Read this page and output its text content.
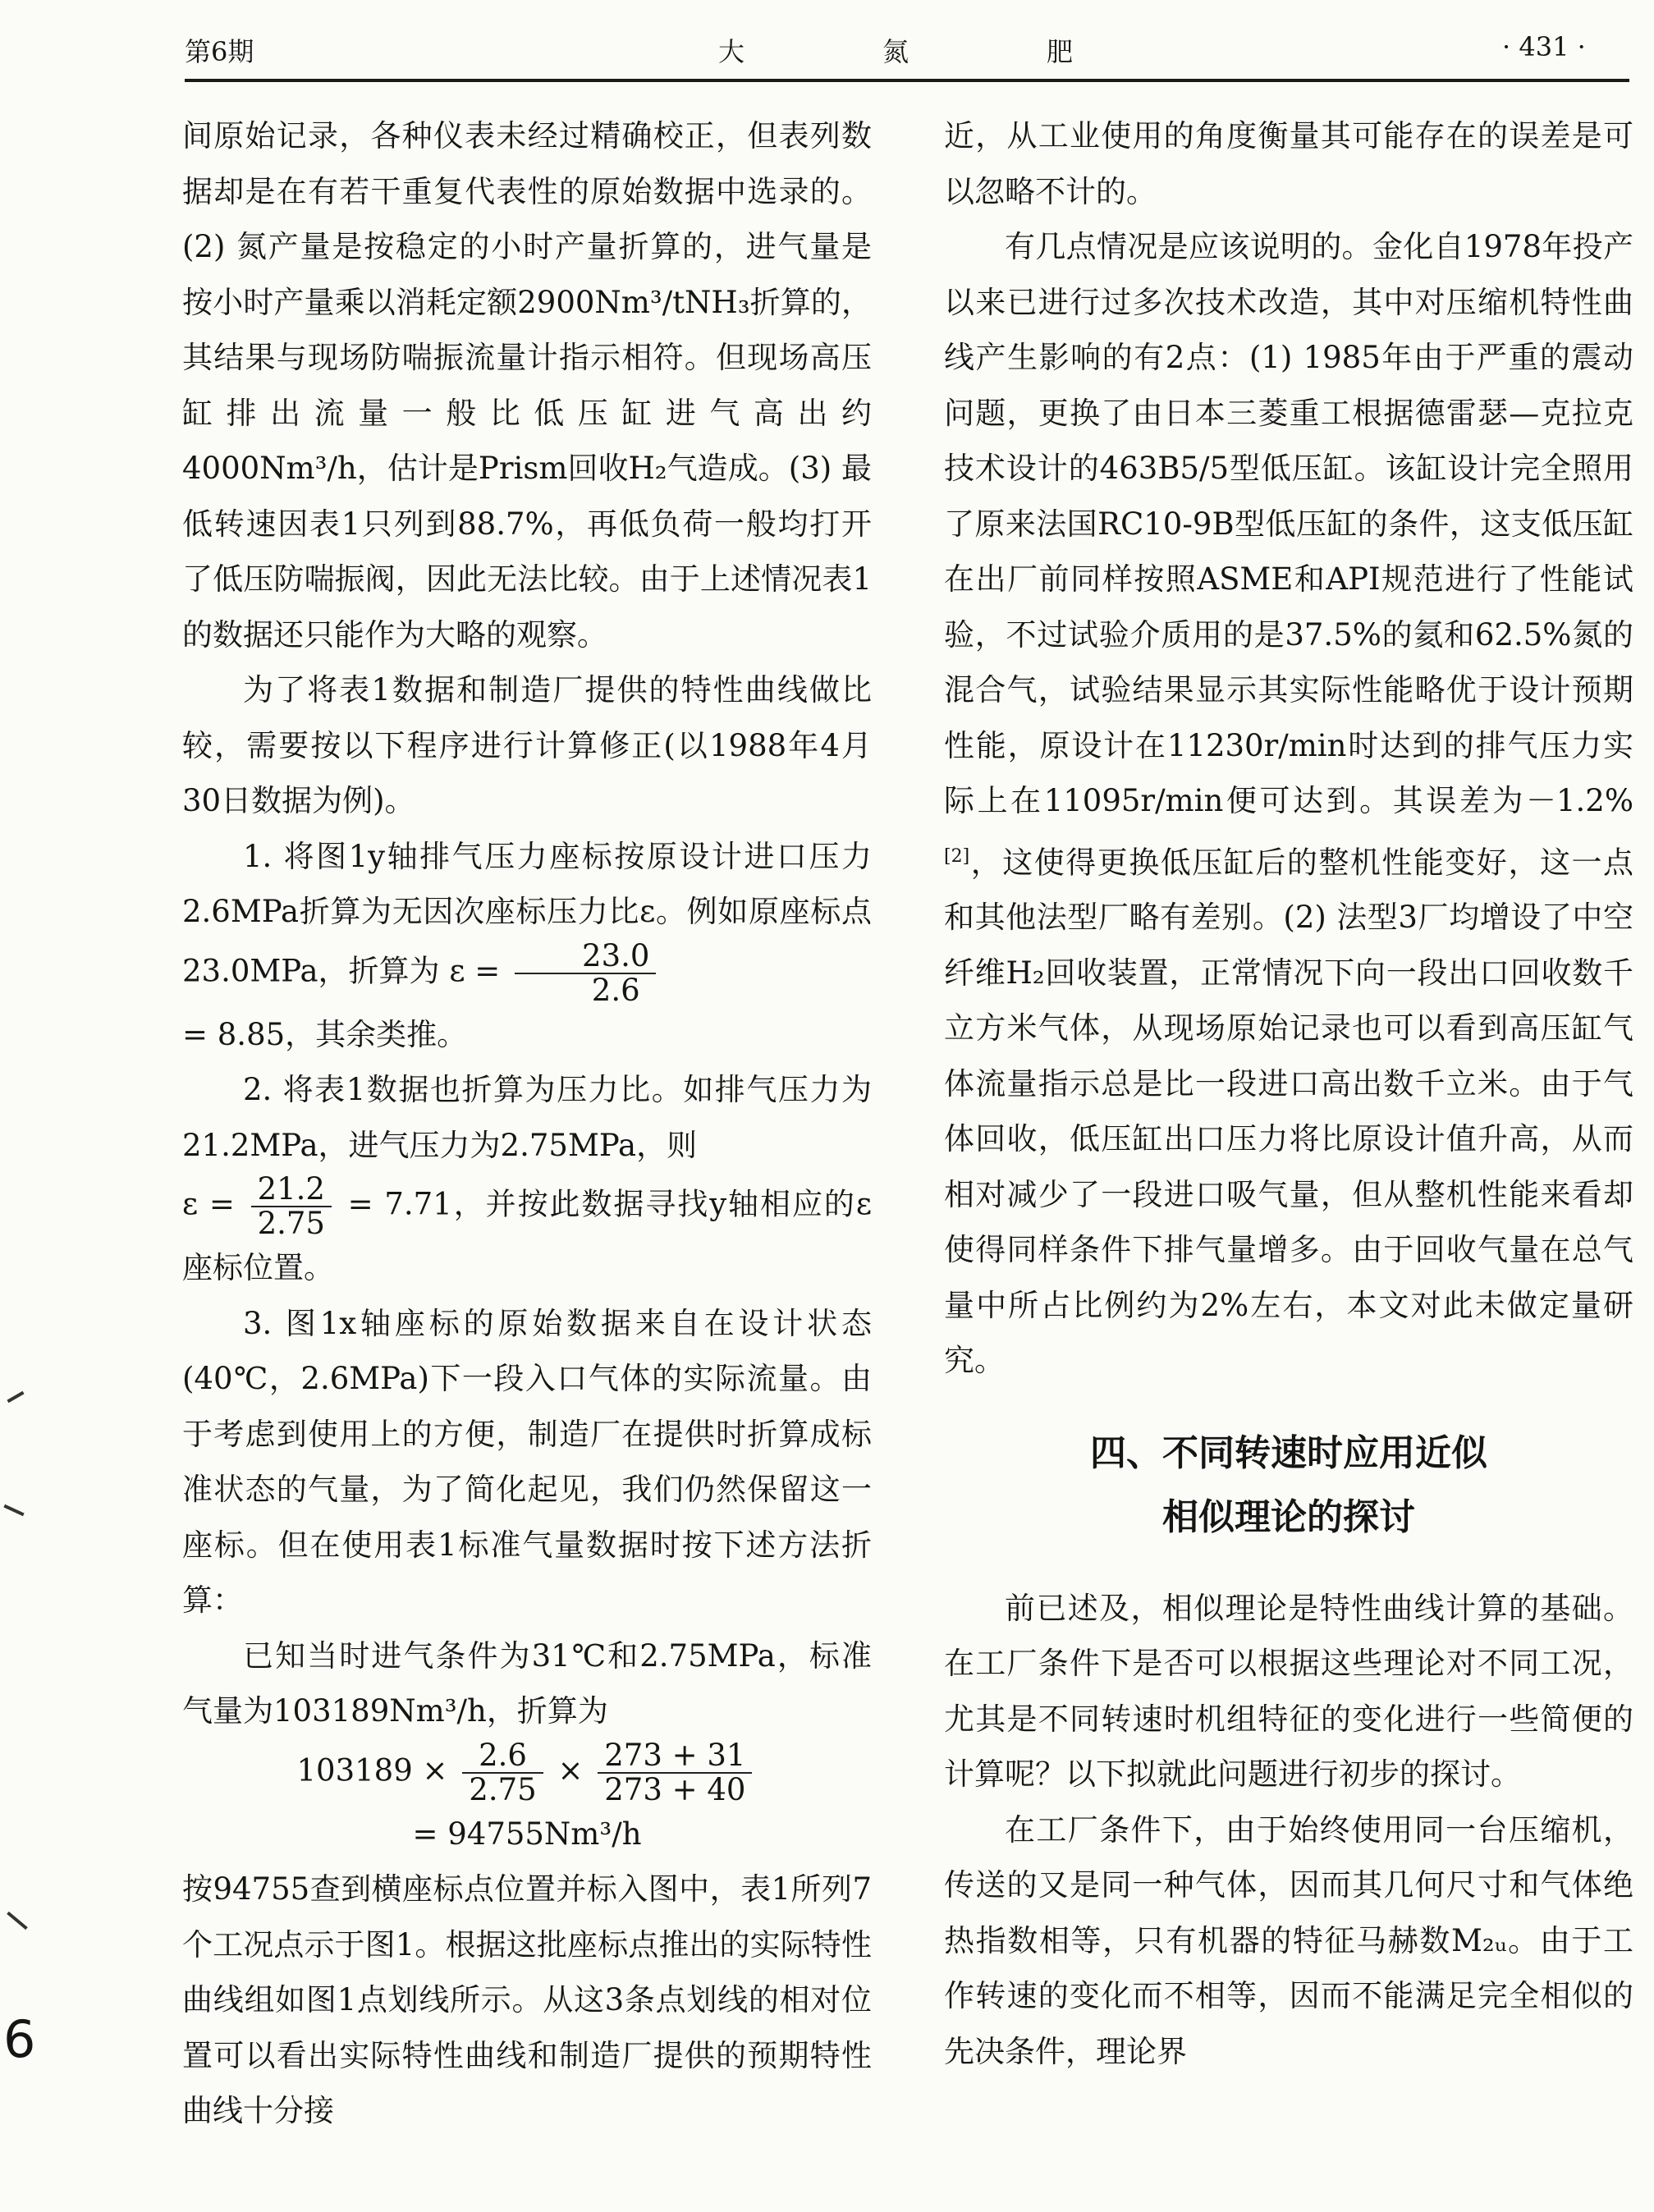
第6期	大	氮	肥	· 431 ·
6

间原始记录，各种仪表未经过精确校正，但表列数据却是在有若干重复代表性的原始数据中选录的。(2) 氮产量是按稳定的小时产量折算的，进气量是按小时产量乘以消耗定额2900Nm³/tNH₃折算的，其结果与现场防喘振流量计指示相符。但现场高压缸排出流量一般比低压缸进气高出约4000Nm³/h，估计是Prism回收H₂气造成。(3) 最低转速因表1只列到88.7%，再低负荷一般均打开了低压防喘振阀，因此无法比较。由于上述情况表1的数据还只能作为大略的观察。

为了将表1数据和制造厂提供的特性曲线做比较，需要按以下程序进行计算修正(以1988年4月30日数据为例)。

1. 将图1y轴排气压力座标按原设计进口压力2.6MPa折算为无因次座标压力比ε。例如原座标点23.0MPa，折算为 $\varepsilon = \frac{23.0}{2.6}$

= 8.85，其余类推。

2. 将表1数据也折算为压力比。如排气压力为21.2MPa，进气压力为2.75MPa，则

$\varepsilon = \frac{21.2}{2.75} = 7.71$，并按此数据寻找y轴相应的ε座标位置。

3. 图1x轴座标的原始数据来自在设计状态(40℃，2.6MPa)下一段入口气体的实际流量。由于考虑到使用上的方便，制造厂在提供时折算成标准状态的气量，为了简化起见，我们仍然保留这一座标。但在使用表1标准气量数据时按下述方法折算：

已知当时进气条件为31℃和2.75MPa，标准气量为103189Nm³/h，折算为

$103189 \times \frac{2.6}{2.75} \times \frac{273 + 31}{273 + 40}$

= 94755Nm³/h

按94755查到横座标点位置并标入图中，表1所列7个工况点示于图1。根据这批座标点推出的实际特性曲线组如图1点划线所示。从这3条点划线的相对位置可以看出实际特性曲线和制造厂提供的预期特性曲线十分接

近，从工业使用的角度衡量其可能存在的误差是可以忽略不计的。

有几点情况是应该说明的。金化自1978年投产以来已进行过多次技术改造，其中对压缩机特性曲线产生影响的有2点：(1) 1985年由于严重的震动问题，更换了由日本三菱重工根据德雷瑟—克拉克技术设计的463B5/5型低压缸。该缸设计完全照用了原来法国RC10-9B型低压缸的条件，这支低压缸在出厂前同样按照ASME和API规范进行了性能试验，不过试验介质用的是37.5%的氦和62.5%氮的混合气，试验结果显示其实际性能略优于设计预期性能，原设计在11230r/min时达到的排气压力实际上在11095r/min便可达到。其误差为－1.2%[2]，这使得更换低压缸后的整机性能变好，这一点和其他法型厂略有差别。(2) 法型3厂均增设了中空纤维H₂回收装置，正常情况下向一段出口回收数千立方米气体，从现场原始记录也可以看到高压缸气体流量指示总是比一段进口高出数千立米。由于气体回收，低压缸出口压力将比原设计值升高，从而相对减少了一段进口吸气量，但从整机性能来看却使得同样条件下排气量增多。由于回收气量在总气量中所占比例约为2%左右，本文对此未做定量研究。

四、不同转速时应用近似
相似理论的探讨

前已述及，相似理论是特性曲线计算的基础。在工厂条件下是否可以根据这些理论对不同工况，尤其是不同转速时机组特征的变化进行一些简便的计算呢？以下拟就此问题进行初步的探讨。

在工厂条件下，由于始终使用同一台压缩机，传送的又是同一种气体，因而其几何尺寸和气体绝热指数相等，只有机器的特征马赫数M₂ᵤ。由于工作转速的变化而不相等，因而不能满足完全相似的先决条件，理论界
